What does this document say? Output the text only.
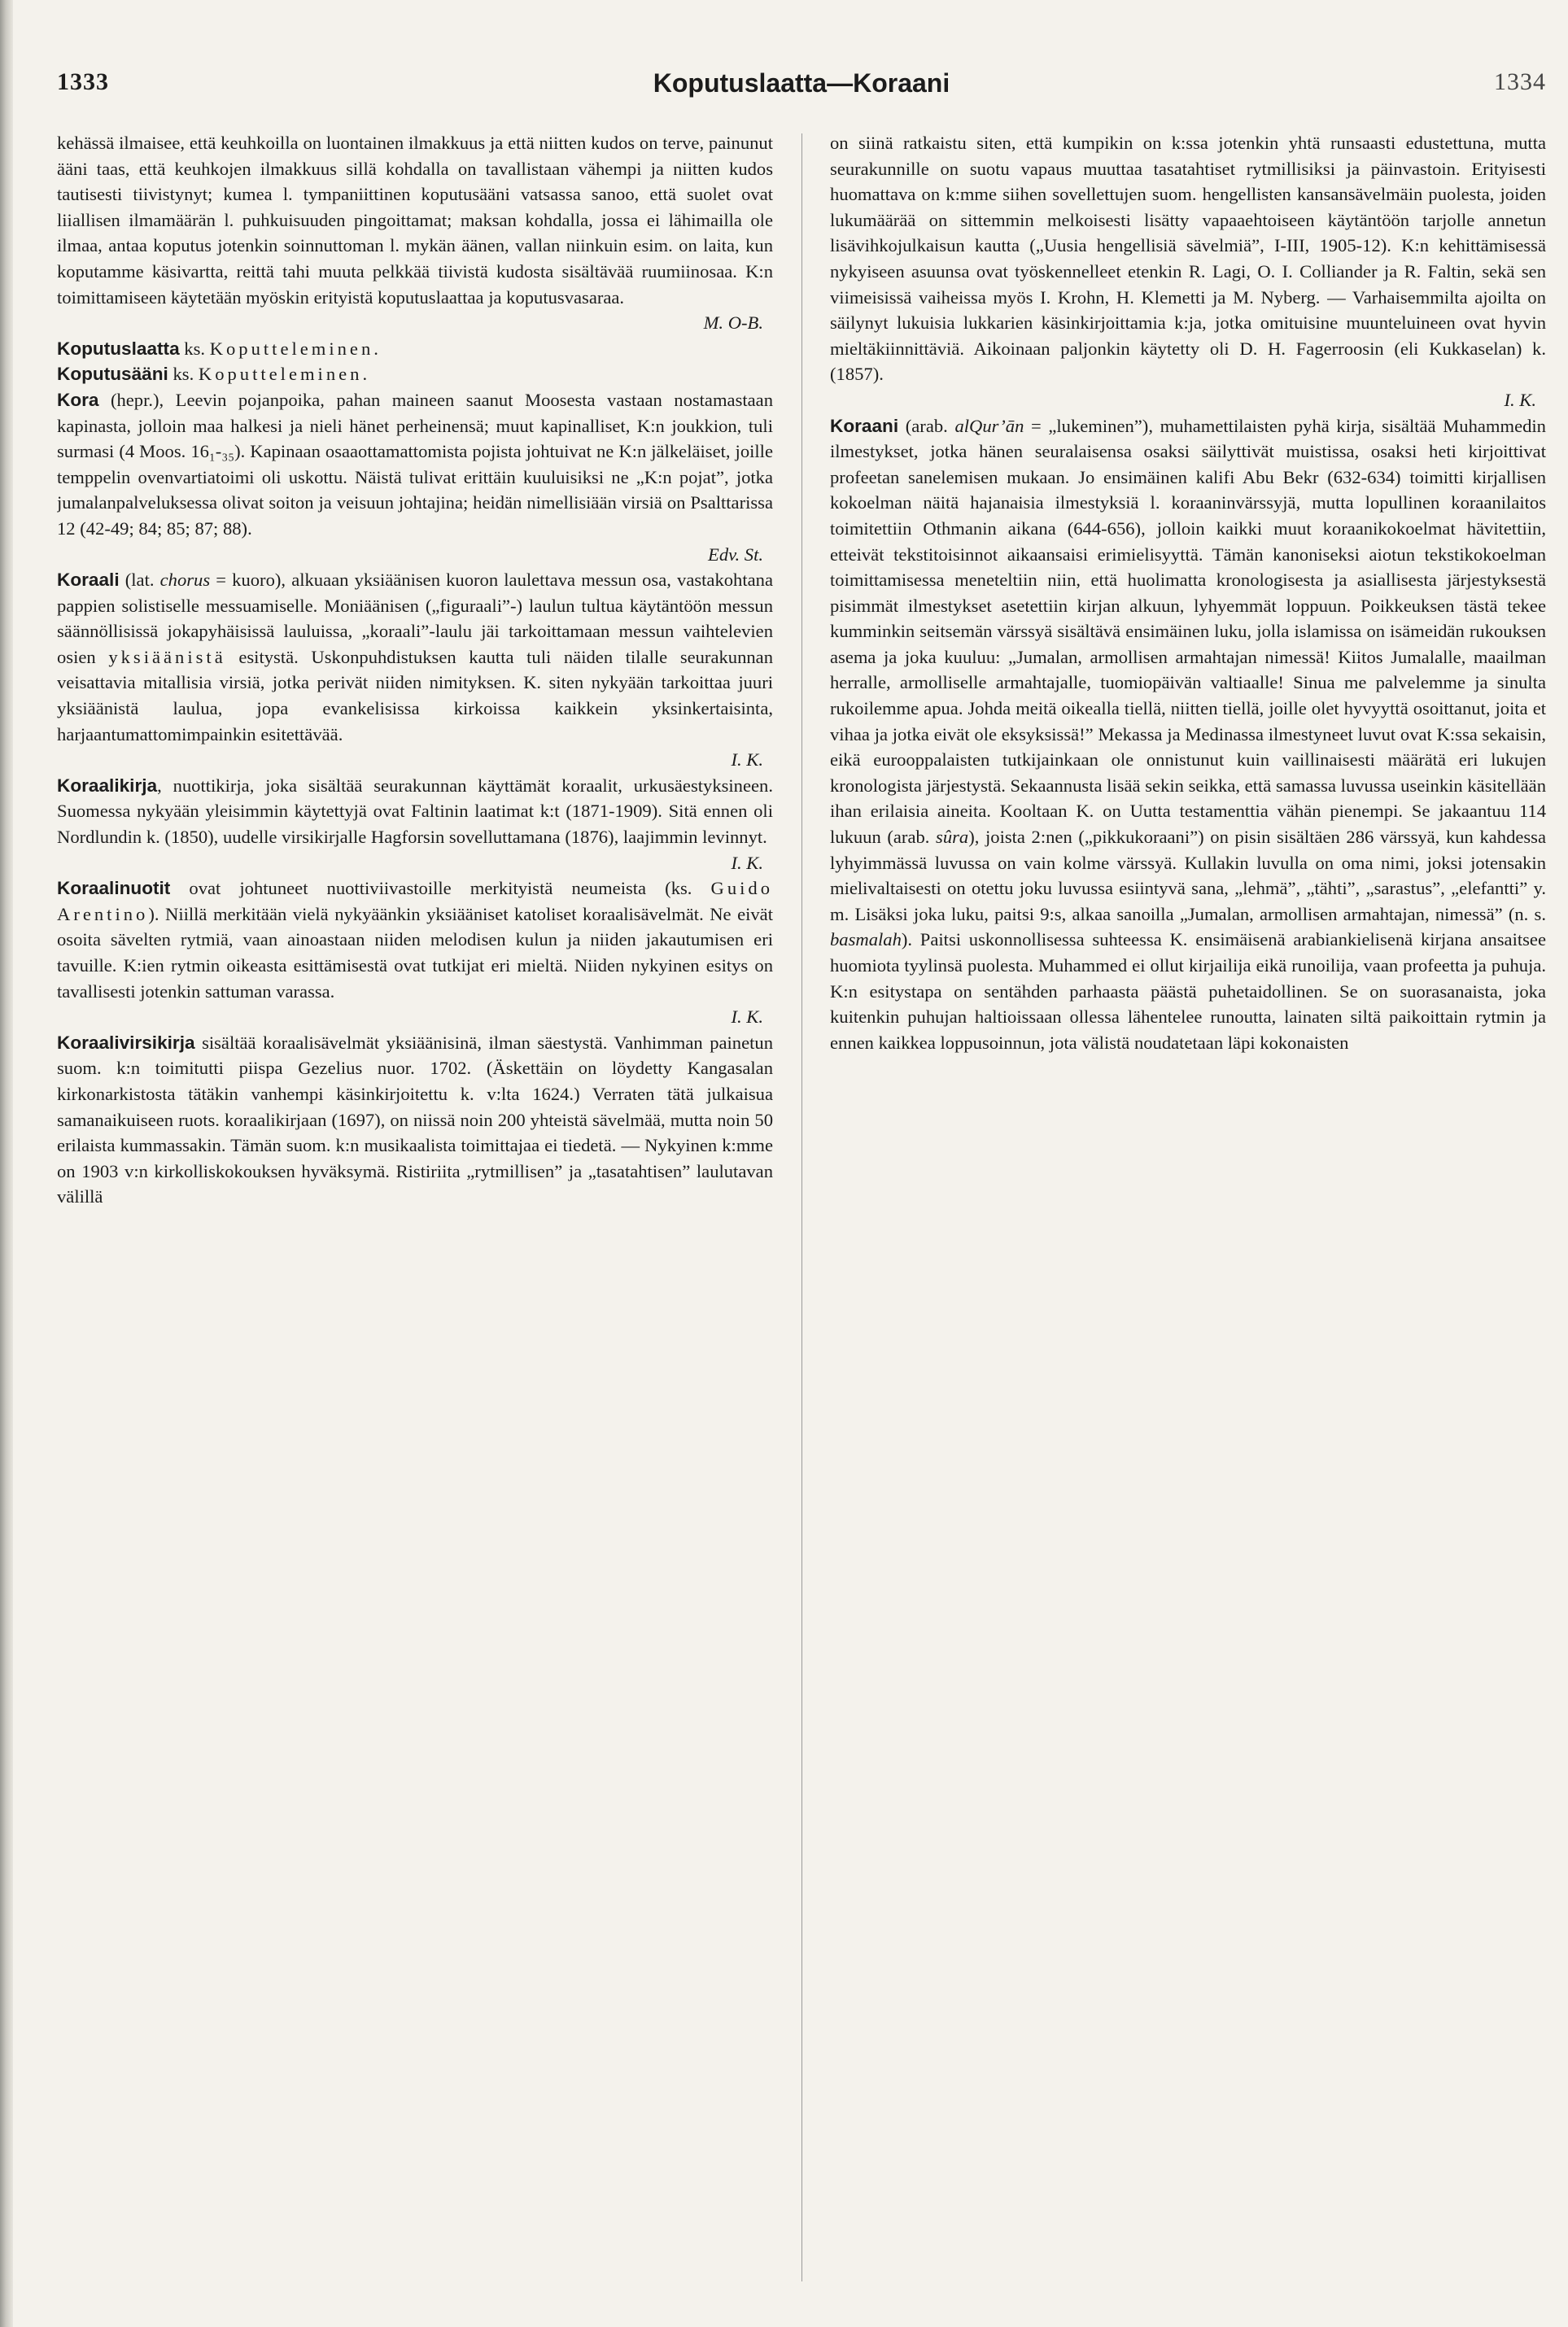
1333	Koputuslaatta—Koraani	1334

kehässä ilmaisee, että keuhkoilla on luontainen ilmakkuus ja että niitten kudos on terve, painunut ääni taas, että keuhkojen ilmakkuus sillä kohdalla on tavallistaan vähempi ja niitten kudos tautisesti tiivistynyt; kumea l. tympaniittinen koputusääni vatsassa sanoo, että suolet ovat liiallisen ilmamäärän l. puhkuisuuden pingoittamat; maksan kohdalla, jossa ei lähimailla ole ilmaa, antaa koputus jotenkin soinnuttoman l. mykän äänen, vallan niinkuin esim. on laita, kun koputamme käsivartta, reittä tahi muuta pelkkää tiivistä kudosta sisältävää ruumiinosaa. K:n toimittamiseen käytetään myöskin erityistä koputuslaattaa ja koputusvasaraa.

M. O-B.

Koputuslaatta ks. Koputteleminen.

Koputusääni ks. Koputteleminen.

Kora (hepr.), Leevin pojanpoika, pahan maineen saanut Moosesta vastaan nostamastaan kapinasta, jolloin maa halkesi ja nieli hänet perheinensä; muut kapinalliset, K:n joukkion, tuli surmasi (4 Moos. 16₁-₃₅). Kapinaan osaaottamattomista pojista johtuivat ne K:n jälkeläiset, joille temppelin ovenvartiatoimi oli uskottu. Näistä tulivat erittäin kuuluisiksi ne „K:n pojat”, jotka jumalanpalveluksessa olivat soiton ja veisuun johtajina; heidän nimellisiään virsiä on Psalttarissa 12 (42-49; 84; 85; 87; 88).

Edv. St.

Koraali (lat. chorus = kuoro), alkuaan yksiäänisen kuoron laulettava messun osa, vastakohtana pappien solistiselle messuamiselle. Moniäänisen („figuraali”-) laulun tultua käytäntöön messun säännöllisissä jokapyhäisissä lauluissa, „koraali”-laulu jäi tarkoittamaan messun vaihtelevien osien yksiäänistä esitystä. Uskonpuhdistuksen kautta tuli näiden tilalle seurakunnan veisattavia mitallisia virsiä, jotka perivät niiden nimityksen. K. siten nykyään tarkoittaa juuri yksiäänistä laulua, jopa evankelisissa kirkoissa kaikkein yksinkertaisinta, harjaantumattomimpainkin esitettävää.

I. K.

Koraalikirja, nuottikirja, joka sisältää seurakunnan käyttämät koraalit, urkusäestyksineen. Suomessa nykyään yleisimmin käytettyjä ovat Faltinin laatimat k:t (1871-1909). Sitä ennen oli Nordlundin k. (1850), uudelle virsikirjalle Hagforsin sovelluttamana (1876), laajimmin levinnyt.

I. K.

Koraalinuotit ovat johtuneet nuottiviivastoille merkityistä neumeista (ks. Guido Arentino). Niillä merkitään vielä nykyäänkin yksiääniset katoliset koraalisävelmät. Ne eivät osoita sävelten rytmiä, vaan ainoastaan niiden melodisen kulun ja niiden jakautumisen eri tavuille. K:ien rytmin oikeasta esittämisestä ovat tutkijat eri mieltä. Niiden nykyinen esitys on tavallisesti jotenkin sattuman varassa.

I. K.

Koraalivirsikirja sisältää koraalisävelmät yksiäänisinä, ilman säestystä. Vanhimman painetun suom. k:n toimitutti piispa Gezelius nuor. 1702. (Äskettäin on löydetty Kangasalan kirkonarkistosta tätäkin vanhempi käsinkirjoitettu k. v:lta 1624.) Verraten tätä julkaisua samanaikuiseen ruots. koraalikirjaan (1697), on niissä noin 200 yhteistä sävelmää, mutta noin 50 erilaista kummassakin. Tämän suom. k:n musikaalista toimittajaa ei tiedetä. — Nykyinen k:mme on 1903 v:n kirkolliskokouksen hyväksymä. Ristiriita „rytmillisen” ja „tasatahtisen” laulutavan välillä

on siinä ratkaistu siten, että kumpikin on k:ssa jotenkin yhtä runsaasti edustettuna, mutta seurakunnille on suotu vapaus muuttaa tasatahtiset rytmillisiksi ja päinvastoin. Erityisesti huomattava on k:mme siihen sovellettujen suom. hengellisten kansansävelmäin puolesta, joiden lukumäärää on sittemmin melkoisesti lisätty vapaaehtoiseen käytäntöön tarjolle annetun lisävihkojulkaisun kautta („Uusia hengellisiä sävelmiä”, I-III, 1905-12). K:n kehittämisessä nykyiseen asuunsa ovat työskennelleet etenkin R. Lagi, O. I. Colliander ja R. Faltin, sekä sen viimeisissä vaiheissa myös I. Krohn, H. Klemetti ja M. Nyberg. — Varhaisemmilta ajoilta on säilynyt lukuisia lukkarien käsinkirjoittamia k:ja, jotka omituisine muunteluineen ovat hyvin mieltäkiinnittäviä. Aikoinaan paljonkin käytetty oli D. H. Fagerroosin (eli Kukkaselan) k. (1857).

I. K.

Koraani (arab. alQur’ān = „lukeminen”), muhamettilaisten pyhä kirja, sisältää Muhammedin ilmestykset, jotka hänen seuralaisensa osaksi säilyttivät muistissa, osaksi heti kirjoittivat profeetan sanelemisen mukaan. Jo ensimäinen kalifi Abu Bekr (632-634) toimitti kirjallisen kokoelman näitä hajanaisia ilmestyksiä l. koraaninvärssyjä, mutta lopullinen koraanilaitos toimitettiin Othmanin aikana (644-656), jolloin kaikki muut koraanikokoelmat hävitettiin, etteivät tekstitoisinnot aikaansaisi erimielisyyttä. Tämän kanoniseksi aiotun tekstikokoelman toimittamisessa meneteltiin niin, että huolimatta kronologisesta ja asiallisesta järjestyksestä pisimmät ilmestykset asetettiin kirjan alkuun, lyhyemmät loppuun. Poikkeuksen tästä tekee kumminkin seitsemän värssyä sisältävä ensimäinen luku, jolla islamissa on isämeidän rukouksen asema ja joka kuuluu: „Jumalan, armollisen armahtajan nimessä! Kiitos Jumalalle, maailman herralle, armolliselle armahtajalle, tuomiopäivän valtiaalle! Sinua me palvelemme ja sinulta rukoilemme apua. Johda meitä oikealla tiellä, niitten tiellä, joille olet hyvyyttä osoittanut, joita et vihaa ja jotka eivät ole eksyksissä!” Mekassa ja Medinassa ilmestyneet luvut ovat K:ssa sekaisin, eikä eurooppalaisten tutkijainkaan ole onnistunut kuin vaillinaisesti määrätä eri lukujen kronologista järjestystä. Sekaannusta lisää sekin seikka, että samassa luvussa useinkin käsitellään ihan erilaisia aineita. Kooltaan K. on Uutta testamenttia vähän pienempi. Se jakaantuu 114 lukuun (arab. sûra), joista 2:nen („pikkukoraani”) on pisin sisältäen 286 värssyä, kun kahdessa lyhyimmässä luvussa on vain kolme värssyä. Kullakin luvulla on oma nimi, joksi jotensakin mielivaltaisesti on otettu joku luvussa esiintyvä sana, „lehmä”, „tähti”, „sarastus”, „elefantti” y. m. Lisäksi joka luku, paitsi 9:s, alkaa sanoilla „Jumalan, armollisen armahtajan, nimessä” (n. s. basmalah). Paitsi uskonnollisessa suhteessa K. ensimäisenä arabiankielisenä kirjana ansaitsee huomiota tyylinsä puolesta. Muhammed ei ollut kirjailija eikä runoilija, vaan profeetta ja puhuja. K:n esitystapa on sentähden parhaasta päästä puhetaidollinen. Se on suorasanaista, joka kuitenkin puhujan haltioissaan ollessa lähentelee runoutta, lainaten siltä paikoittain rytmin ja ennen kaikkea loppusoinnun, jota välistä noudatetaan läpi kokonaisten
